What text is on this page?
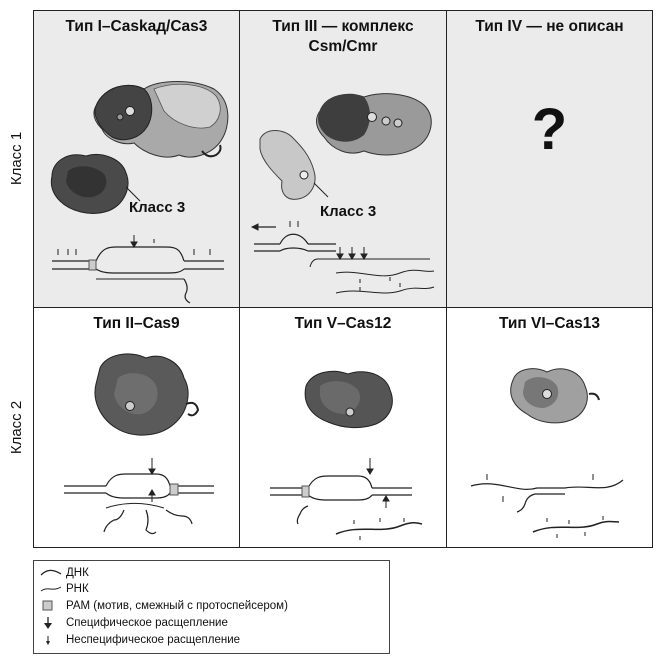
Класс 1
Класс 2
Тип I–Caskад/Cas3
Класс 3
Тип III — комплекс
Csm/Cmr
Класс 3
Тип IV — не описан
?
Тип II–Cas9	Тип V–Cas12	Тип VI–Cas13
ДНК
РНК
PAM (мотив, смежный с протоспейсером)
Специфическое расщепление
Неспецифическое расщепление
